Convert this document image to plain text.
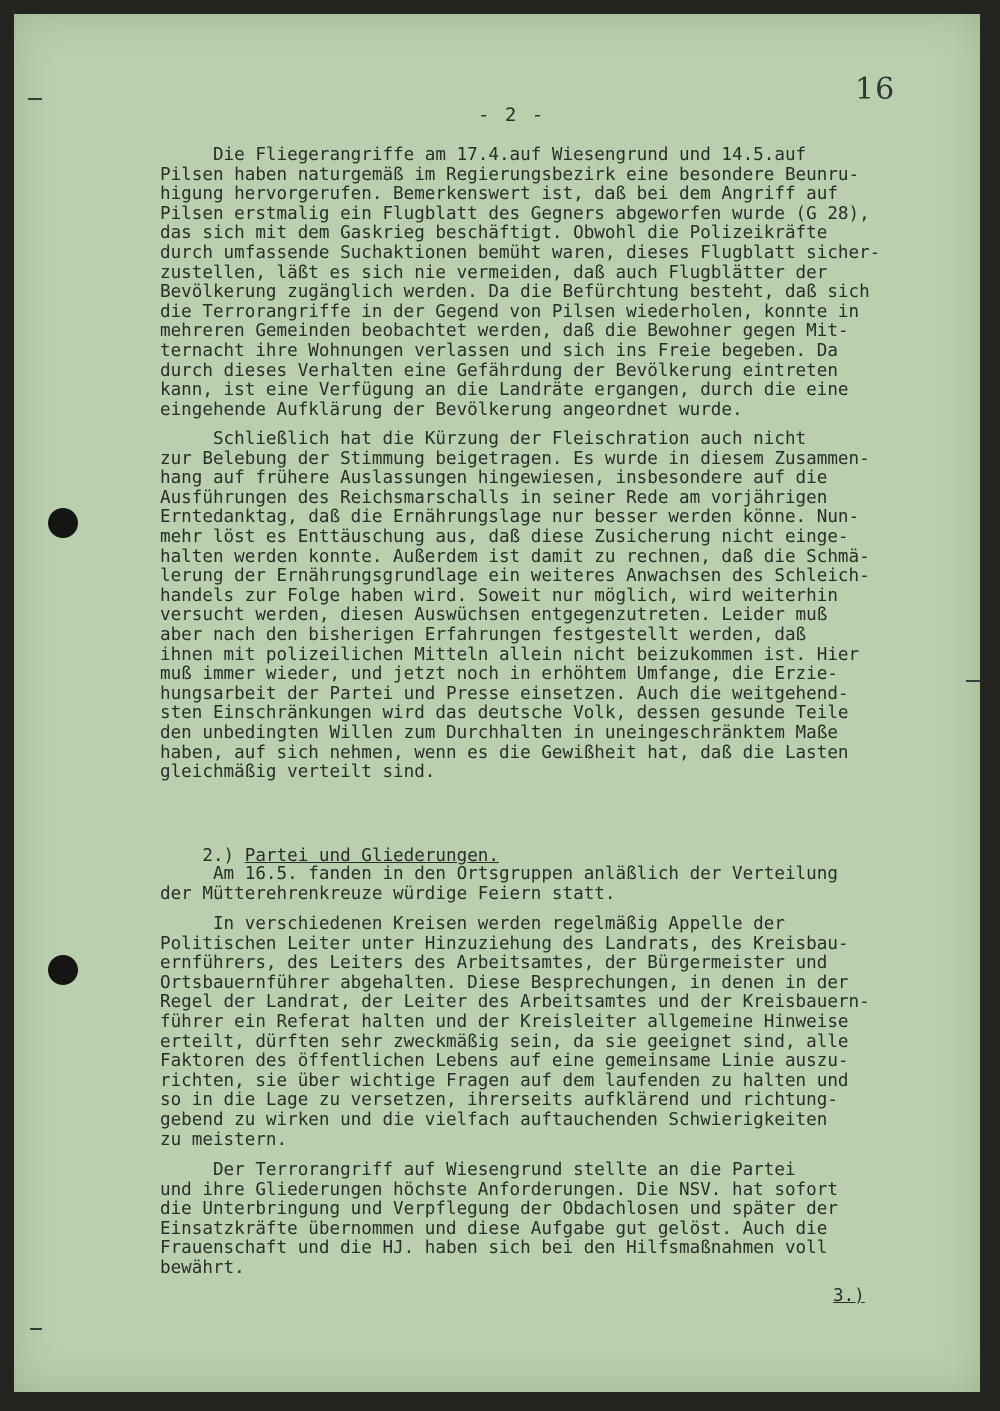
16
- 2 -
Die Fliegerangriffe am 17.4.auf Wiesengrund und 14.5.auf
Pilsen haben naturgemäß im Regierungsbezirk eine besondere Beunru-
higung hervorgerufen. Bemerkenswert ist, daß bei dem Angriff auf
Pilsen erstmalig ein Flugblatt des Gegners abgeworfen wurde (G 28),
das sich mit dem Gaskrieg beschäftigt. Obwohl die Polizeikräfte
durch umfassende Suchaktionen bemüht waren, dieses Flugblatt sicher-
zustellen, läßt es sich nie vermeiden, daß auch Flugblätter der
Bevölkerung zugänglich werden. Da die Befürchtung besteht, daß sich
die Terrorangriffe in der Gegend von Pilsen wiederholen, konnte in
mehreren Gemeinden beobachtet werden, daß die Bewohner gegen Mit-
ternacht ihre Wohnungen verlassen und sich ins Freie begeben. Da
durch dieses Verhalten eine Gefährdung der Bevölkerung eintreten
kann, ist eine Verfügung an die Landräte ergangen, durch die eine
eingehende Aufklärung der Bevölkerung angeordnet wurde.
Schließlich hat die Kürzung der Fleischration auch nicht
zur Belebung der Stimmung beigetragen. Es wurde in diesem Zusammen-
hang auf frühere Auslassungen hingewiesen, insbesondere auf die
Ausführungen des Reichsmarschalls in seiner Rede am vorjährigen
Erntedanktag, daß die Ernährungslage nur besser werden könne. Nun-
mehr löst es Enttäuschung aus, daß diese Zusicherung nicht einge-
halten werden konnte. Außerdem ist damit zu rechnen, daß die Schmä-
lerung der Ernährungsgrundlage ein weiteres Anwachsen des Schleich-
handels zur Folge haben wird. Soweit nur möglich, wird weiterhin
versucht werden, diesen Auswüchsen entgegenzutreten. Leider muß
aber nach den bisherigen Erfahrungen festgestellt werden, daß
ihnen mit polizeilichen Mitteln allein nicht beizukommen ist. Hier
muß immer wieder, und jetzt noch in erhöhtem Umfange, die Erzie-
hungsarbeit der Partei und Presse einsetzen. Auch die weitgehend-
sten Einschränkungen wird das deutsche Volk, dessen gesunde Teile
den unbedingten Willen zum Durchhalten in uneingeschränktem Maße
haben, auf sich nehmen, wenn es die Gewißheit hat, daß die Lasten
gleichmäßig verteilt sind.

2.) Partei und Gliederungen.

Am 16.5. fanden in den Ortsgruppen anläßlich der Verteilung
der Mütterehrenkreuze würdige Feiern statt.
In verschiedenen Kreisen werden regelmäßig Appelle der
Politischen Leiter unter Hinzuziehung des Landrats, des Kreisbau-
ernführers, des Leiters des Arbeitsamtes, der Bürgermeister und
Ortsbauernführer abgehalten. Diese Besprechungen, in denen in der
Regel der Landrat, der Leiter des Arbeitsamtes und der Kreisbauern-
führer ein Referat halten und der Kreisleiter allgemeine Hinweise
erteilt, dürften sehr zweckmäßig sein, da sie geeignet sind, alle
Faktoren des öffentlichen Lebens auf eine gemeinsame Linie auszu-
richten, sie über wichtige Fragen auf dem laufenden zu halten und
so in die Lage zu versetzen, ihrerseits aufklärend und richtung-
gebend zu wirken und die vielfach auftauchenden Schwierigkeiten
zu meistern.
Der Terrorangriff auf Wiesengrund stellte an die Partei
und ihre Gliederungen höchste Anforderungen. Die NSV. hat sofort
die Unterbringung und Verpflegung der Obdachlosen und später der
Einsatzkräfte übernommen und diese Aufgabe gut gelöst. Auch die
Frauenschaft und die HJ. haben sich bei den Hilfsmaßnahmen voll
bewährt.
3.)
